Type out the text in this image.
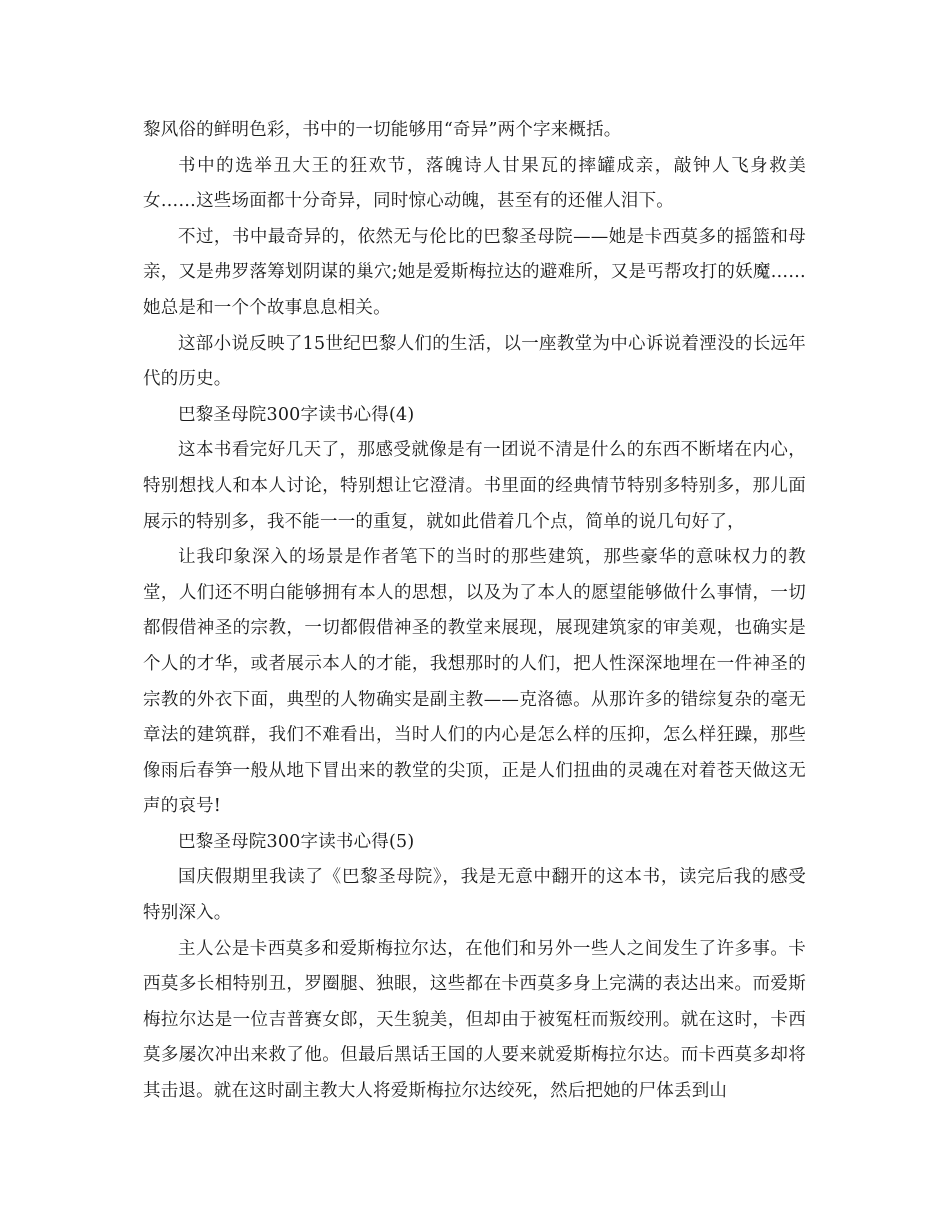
黎风俗的鲜明色彩，书中的一切能够用“奇异”两个字来概括。

书中的选举丑大王的狂欢节，落魄诗人甘果瓦的摔罐成亲，敲钟人飞身救美女……这些场面都十分奇异，同时惊心动魄，甚至有的还催人泪下。

不过，书中最奇异的，依然无与伦比的巴黎圣母院——她是卡西莫多的摇篮和母亲，又是弗罗落筹划阴谋的巢穴;她是爱斯梅拉达的避难所，又是丐帮攻打的妖魔……她总是和一个个故事息息相关。

这部小说反映了15世纪巴黎人们的生活，以一座教堂为中心诉说着湮没的长远年代的历史。

巴黎圣母院300字读书心得(4)

这本书看完好几天了，那感受就像是有一团说不清是什么的东西不断堵在内心，特别想找人和本人讨论，特别想让它澄清。书里面的经典情节特别多特别多，那儿面展示的特别多，我不能一一的重复，就如此借着几个点，简单的说几句好了，

让我印象深入的场景是作者笔下的当时的那些建筑，那些豪华的意味权力的教堂，人们还不明白能够拥有本人的思想，以及为了本人的愿望能够做什么事情，一切都假借神圣的宗教，一切都假借神圣的教堂来展现，展现建筑家的审美观，也确实是个人的才华，或者展示本人的才能，我想那时的人们，把人性深深地埋在一件神圣的宗教的外衣下面，典型的人物确实是副主教——克洛德。从那许多的错综复杂的毫无章法的建筑群，我们不难看出，当时人们的内心是怎么样的压抑，怎么样狂躁，那些像雨后春笋一般从地下冒出来的教堂的尖顶，正是人们扭曲的灵魂在对着苍天做这无声的哀号!

巴黎圣母院300字读书心得(5)

国庆假期里我读了《巴黎圣母院》，我是无意中翻开的这本书，读完后我的感受特别深入。

主人公是卡西莫多和爱斯梅拉尔达，在他们和另外一些人之间发生了许多事。卡西莫多长相特别丑，罗圈腿、独眼，这些都在卡西莫多身上完满的表达出来。而爱斯梅拉尔达是一位吉普赛女郎，天生貌美，但却由于被冤枉而叛绞刑。就在这时，卡西莫多屡次冲出来救了他。但最后黑话王国的人要来就爱斯梅拉尔达。而卡西莫多却将其击退。就在这时副主教大人将爱斯梅拉尔达绞死，然后把她的尸体丢到山
